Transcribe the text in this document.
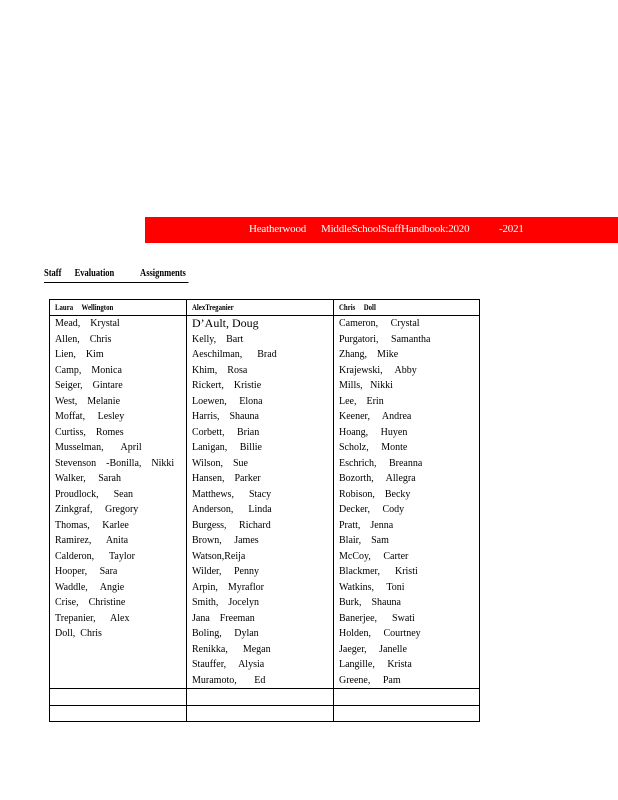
Heatherwood MiddleSchoolStaffHandbook:2020	-2021
Staff Evaluation	Assignments
Laura     Wellington	AlexTreganier	Chris     Doll
Mead,    Krystal	D’Ault, Doug	Cameron,     Crystal
Allen,    Chris	Kelly,    Bart	Purgatori,     Samantha
Lien,    Kim	Aeschilman,      Brad	Zhang,    Mike
Camp,    Monica	Khim,    Rosa	Krajewski,     Abby
Seiger,    Gintare	Rickert,    Kristie	Mills,   Nikki
West,    Melanie	Loewen,     Elona	Lee,    Erin
Moffat,     Lesley	Harris,    Shauna	Keener,     Andrea
Curtiss,    Romes	Corbett,     Brian	Hoang,     Huyen
Musselman,       April	Lanigan,     Billie	Scholz,     Monte
Stevenson    -Bonilla,    Nikki	Wilson,    Sue	Eschrich,     Breanna
Walker,     Sarah	Hansen,    Parker	Bozorth,     Allegra
Proudlock,      Sean	Matthews,      Stacy	Robison,    Becky
Zinkgraf,     Gregory	Anderson,      Linda	Decker,     Cody
Thomas,     Karlee	Burgess,     Richard	Pratt,    Jenna
Ramirez,      Anita	Brown,     James	Blair,    Sam
Calderon,      Taylor	Watson,Reija	McCoy,     Carter
Hooper,     Sara	Wilder,     Penny	Blackmer,      Kristi
Waddle,     Angie	Arpin,    Myraflor	Watkins,     Toni
Crise,    Christine	Smith,    Jocelyn	Burk,    Shauna
Trepanier,      Alex	Jana    Freeman	Banerjee,      Swati
Doll,  Chris	Boling,     Dylan	Holden,     Courtney
	Renikka,      Megan	Jaeger,     Janelle
	Stauffer,     Alysia	Langille,     Krista
	Muramoto,       Ed	Greene,     Pam
